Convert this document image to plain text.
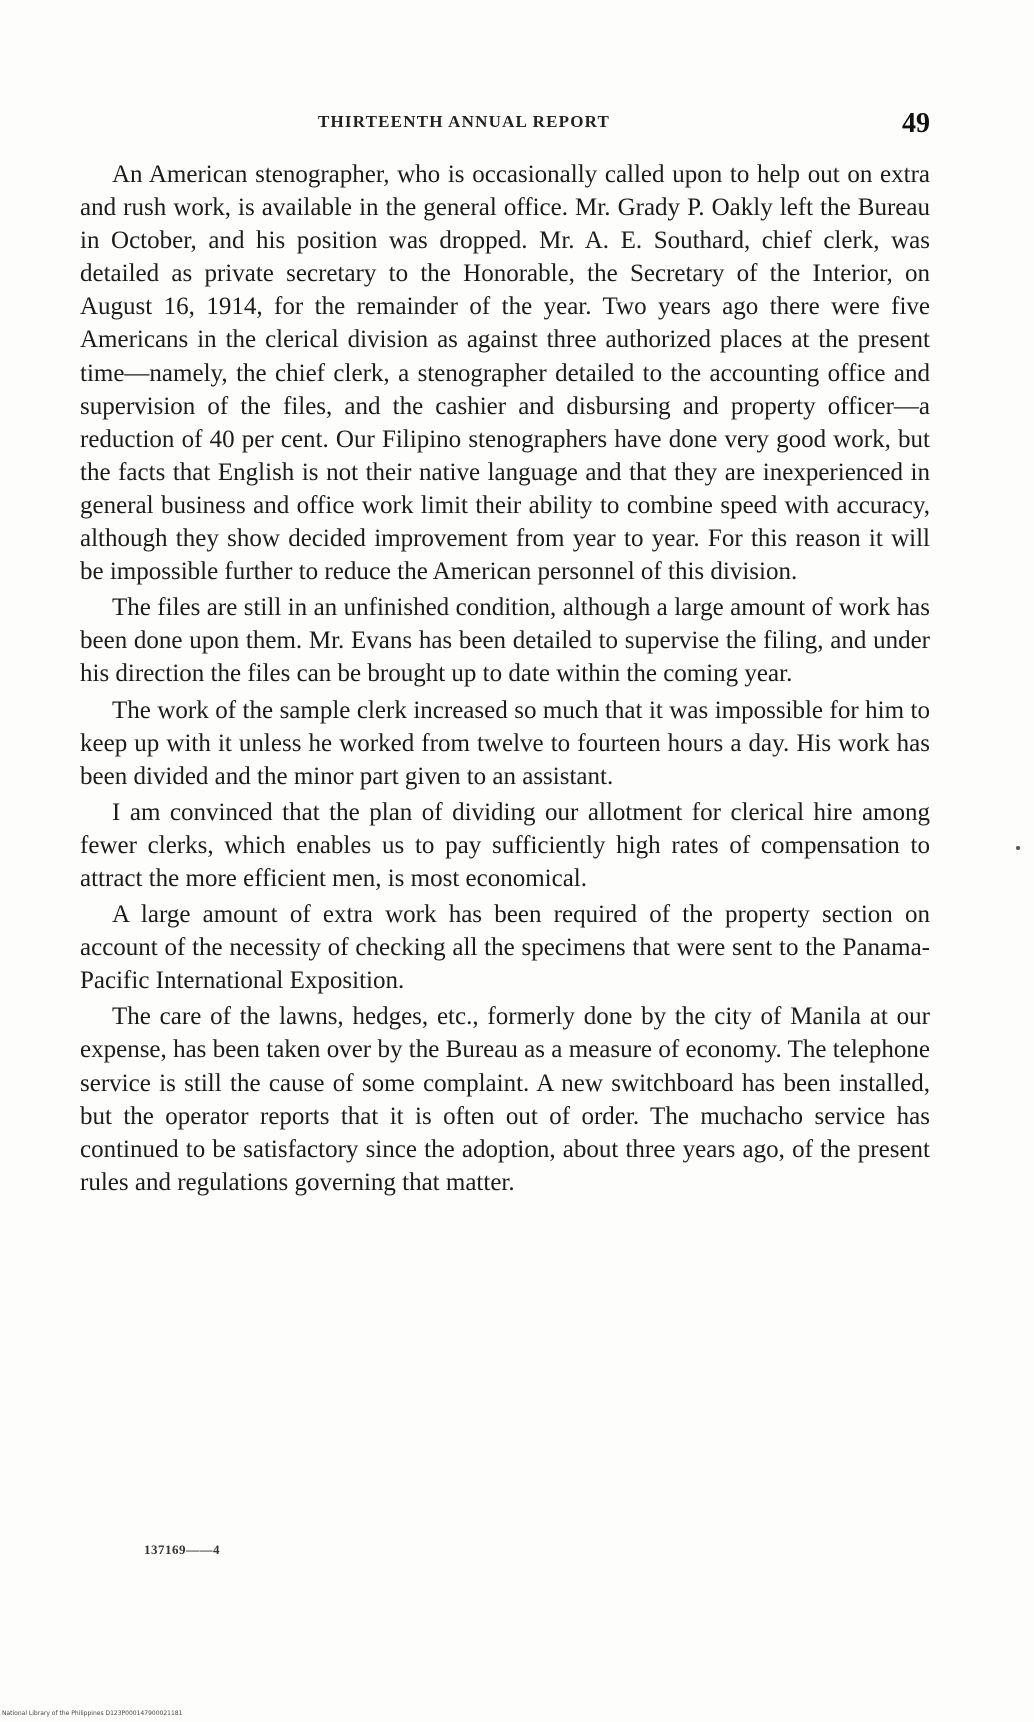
THIRTEENTH ANNUAL REPORT	49

An American stenographer, who is occasionally called upon to help out on extra and rush work, is available in the general office. Mr. Grady P. Oakly left the Bureau in October, and his position was dropped. Mr. A. E. Southard, chief clerk, was detailed as private secretary to the Honorable, the Secretary of the Interior, on August 16, 1914, for the remainder of the year. Two years ago there were five Americans in the clerical division as against three authorized places at the present time—namely, the chief clerk, a stenographer detailed to the accounting office and supervision of the files, and the cashier and disbursing and property officer—a reduction of 40 per cent. Our Filipino stenographers have done very good work, but the facts that English is not their native language and that they are inexperienced in general business and office work limit their ability to combine speed with accuracy, although they show decided improvement from year to year. For this reason it will be impossible further to reduce the American personnel of this division.

The files are still in an unfinished condition, although a large amount of work has been done upon them. Mr. Evans has been detailed to supervise the filing, and under his direction the files can be brought up to date within the coming year.

The work of the sample clerk increased so much that it was impossible for him to keep up with it unless he worked from twelve to fourteen hours a day. His work has been divided and the minor part given to an assistant.

I am convinced that the plan of dividing our allotment for clerical hire among fewer clerks, which enables us to pay sufficiently high rates of compensation to attract the more efficient men, is most economical.

A large amount of extra work has been required of the property section on account of the necessity of checking all the specimens that were sent to the Panama-Pacific International Exposition.

The care of the lawns, hedges, etc., formerly done by the city of Manila at our expense, has been taken over by the Bureau as a measure of economy. The telephone service is still the cause of some complaint. A new switchboard has been installed, but the operator reports that it is often out of order. The muchacho service has continued to be satisfactory since the adoption, about three years ago, of the present rules and regulations governing that matter.

137169——4
National Library of the Philippines D123P000147900021181
